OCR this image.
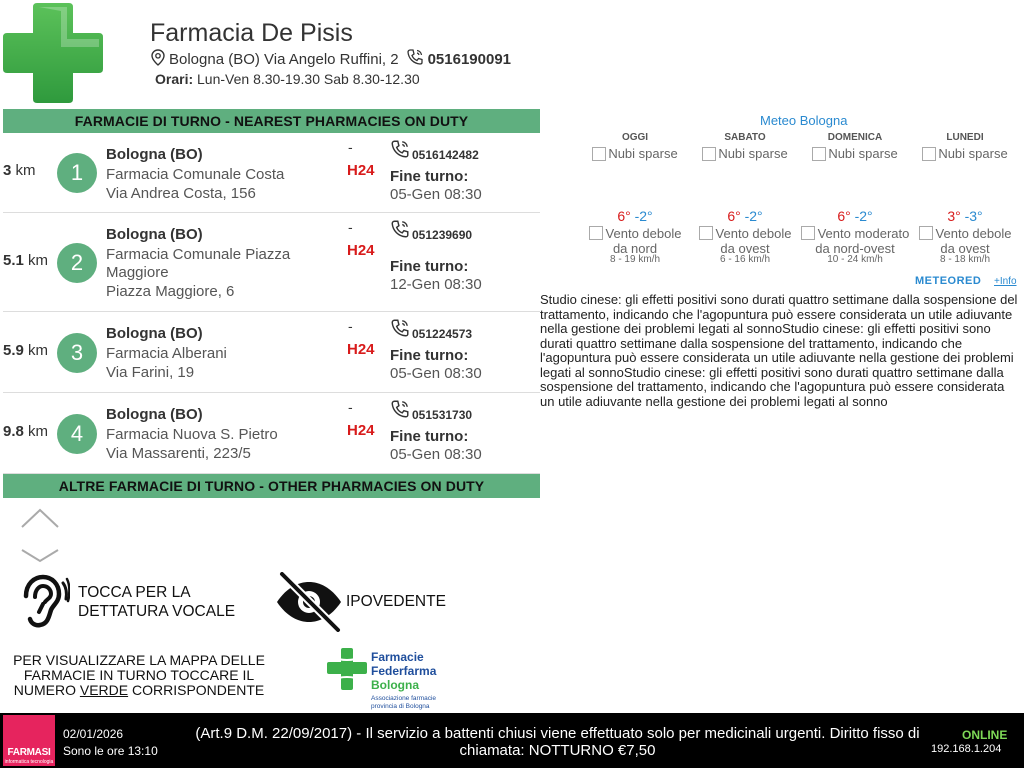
Farmacia De Pisis
Bologna (BO) Via Angelo Ruffini, 2 0516190091
Orari: Lun-Ven 8.30-19.30 Sab 8.30-12.30
FARMACIE DI TURNO - NEAREST PHARMACIES ON DUTY
3 km	1
Bologna (BO)
Farmacia Comunale Costa
Via Andrea Costa, 156
-
H24
0516142482
Fine turno:
05-Gen 08:30
5.1 km	2
Bologna (BO)
Farmacia Comunale Piazza Maggiore
Piazza Maggiore, 6
-
H24
051239690
Fine turno:
12-Gen 08:30
5.9 km	3
Bologna (BO)
Farmacia Alberani
Via Farini, 19
-
H24
051224573
Fine turno:
05-Gen 08:30
9.8 km	4
Bologna (BO)
Farmacia Nuova S. Pietro
Via Massarenti, 223/5
-
H24
051531730
Fine turno:
05-Gen 08:30
ALTRE FARMACIE DI TURNO - OTHER PHARMACIES ON DUTY
Meteo Bologna
OGGI
Nubi sparse
6° -2°
Vento debole da nord
8 - 19 km/h
SABATO
Nubi sparse
6° -2°
Vento debole da ovest
6 - 16 km/h
DOMENICA
Nubi sparse
6° -2°
Vento moderato da nord-ovest
10 - 24 km/h
LUNEDI
Nubi sparse
3° -3°
Vento debole da ovest
8 - 18 km/h
METEORED +Info
Studio cinese: gli effetti positivi sono durati quattro settimane dalla sospensione del trattamento, indicando che l'agopuntura può essere considerata un utile adiuvante nella gestione dei problemi legati al sonnoStudio cinese: gli effetti positivi sono durati quattro settimane dalla sospensione del trattamento, indicando che l'agopuntura può essere considerata un utile adiuvante nella gestione dei problemi legati al sonnoStudio cinese: gli effetti positivi sono durati quattro settimane dalla sospensione del trattamento, indicando che l'agopuntura può essere considerata un utile adiuvante nella gestione dei problemi legati al sonno
TOCCA PER LA
DETTATURA VOCALE
IPOVEDENTE
PER VISUALIZZARE LA MAPPA DELLE FARMACIE IN TURNO TOCCARE IL NUMERO VERDE CORRISPONDENTE
Farmacie
Federfarma
Bologna
Associazione farmacie
provincia di Bologna
FARMASI
informatica tecnologia
02/01/2026
Sono le ore 13:10
(Art.9 D.M. 22/09/2017) - Il servizio a battenti chiusi viene effettuato solo per medicinali urgenti. Diritto fisso di chiamata: NOTTURNO €7,50
ONLINE
192.168.1.204
